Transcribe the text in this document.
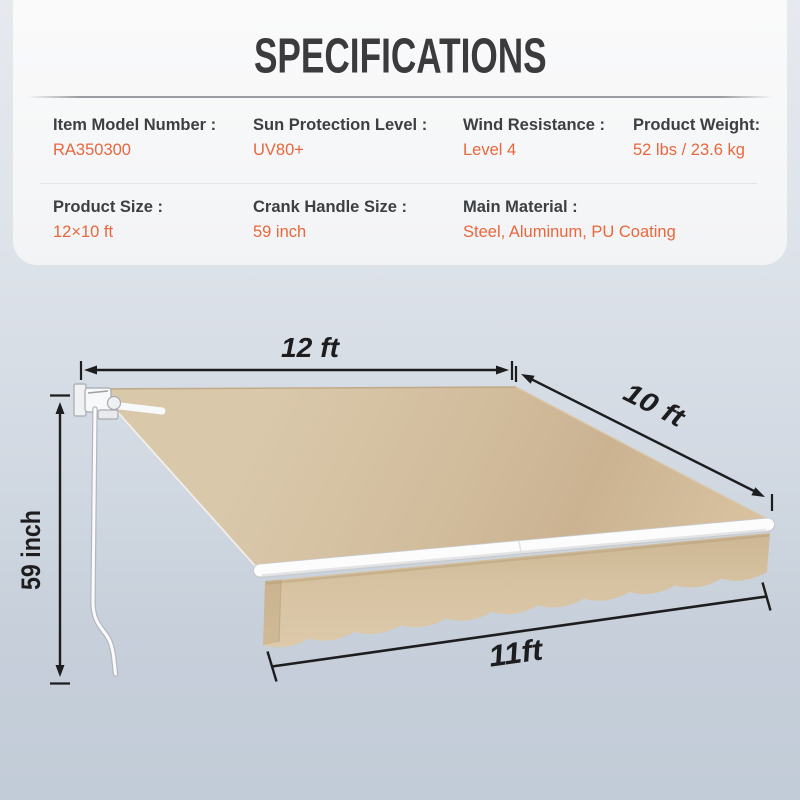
SPECIFICATIONS
Item Model Number :
RA350300
Sun Protection Level :
UV80+
Wind Resistance :
Level 4
Product Weight:
52 lbs / 23.6 kg
Product Size :
12×10 ft
Crank Handle Size :
59 inch
Main Material :
Steel, Aluminum, PU Coating
12 ft
10 ft
59 inch
11ft
